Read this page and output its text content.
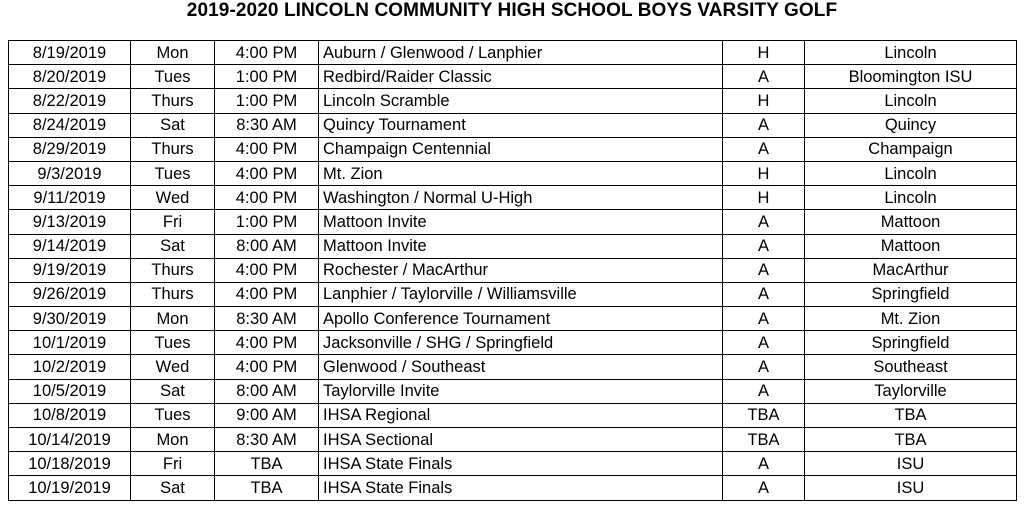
2019-2020 LINCOLN COMMUNITY HIGH SCHOOL BOYS VARSITY GOLF
8/19/2019	Mon	4:00 PM	Auburn / Glenwood / Lanphier	H	Lincoln
8/20/2019	Tues	1:00 PM	Redbird/Raider Classic	A	Bloomington ISU
8/22/2019	Thurs	1:00 PM	Lincoln Scramble	H	Lincoln
8/24/2019	Sat	8:30 AM	Quincy Tournament	A	Quincy
8/29/2019	Thurs	4:00 PM	Champaign Centennial	A	Champaign
9/3/2019	Tues	4:00 PM	Mt. Zion	H	Lincoln
9/11/2019	Wed	4:00 PM	Washington / Normal U-High	H	Lincoln
9/13/2019	Fri	1:00 PM	Mattoon Invite	A	Mattoon
9/14/2019	Sat	8:00 AM	Mattoon Invite	A	Mattoon
9/19/2019	Thurs	4:00 PM	Rochester / MacArthur	A	MacArthur
9/26/2019	Thurs	4:00 PM	Lanphier / Taylorville / Williamsville	A	Springfield
9/30/2019	Mon	8:30 AM	Apollo Conference Tournament	A	Mt. Zion
10/1/2019	Tues	4:00 PM	Jacksonville / SHG / Springfield	A	Springfield
10/2/2019	Wed	4:00 PM	Glenwood / Southeast	A	Southeast
10/5/2019	Sat	8:00 AM	Taylorville Invite	A	Taylorville
10/8/2019	Tues	9:00 AM	IHSA Regional	TBA	TBA
10/14/2019	Mon	8:30 AM	IHSA Sectional	TBA	TBA
10/18/2019	Fri	TBA	IHSA State Finals	A	ISU
10/19/2019	Sat	TBA	IHSA State Finals	A	ISU
